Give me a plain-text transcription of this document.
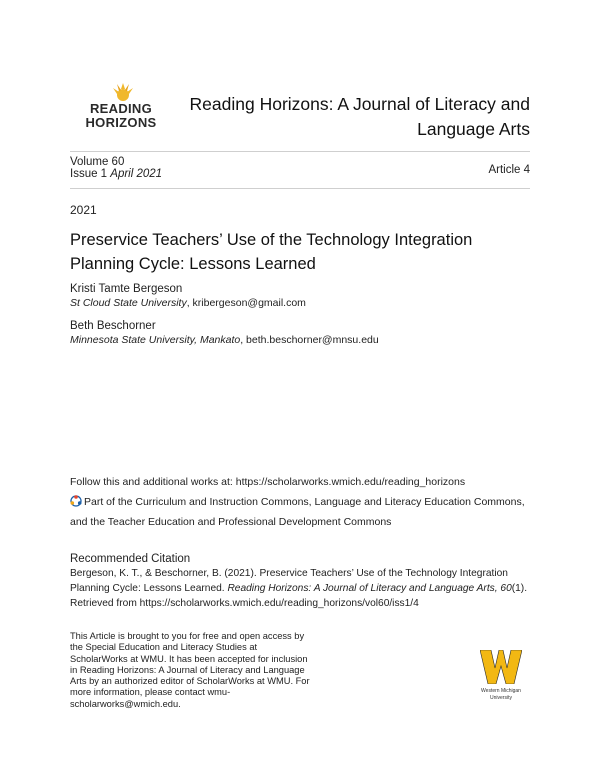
READING
HORIZONS
Reading Horizons: A Journal of Literacy and Language Arts
Volume 60
Issue 1 April 2021	Article 4
2021
Preservice Teachers’ Use of the Technology Integration Planning Cycle: Lessons Learned
Kristi Tamte Bergeson
St Cloud State University, kribergeson@gmail.com
Beth Beschorner
Minnesota State University, Mankato, beth.beschorner@mnsu.edu
Follow this and additional works at: https://scholarworks.wmich.edu/reading_horizons
Part of the Curriculum and Instruction Commons, Language and Literacy Education Commons, and the Teacher Education and Professional Development Commons
Recommended Citation
Bergeson, K. T., & Beschorner, B. (2021). Preservice Teachers’ Use of the Technology Integration Planning Cycle: Lessons Learned. Reading Horizons: A Journal of Literacy and Language Arts, 60(1). Retrieved from https://scholarworks.wmich.edu/reading_horizons/vol60/iss1/4
This Article is brought to you for free and open access by the Special Education and Literacy Studies at ScholarWorks at WMU. It has been accepted for inclusion in Reading Horizons: A Journal of Literacy and Language Arts by an authorized editor of ScholarWorks at WMU. For more information, please contact wmu-scholarworks@wmich.edu.
Western Michigan
University
